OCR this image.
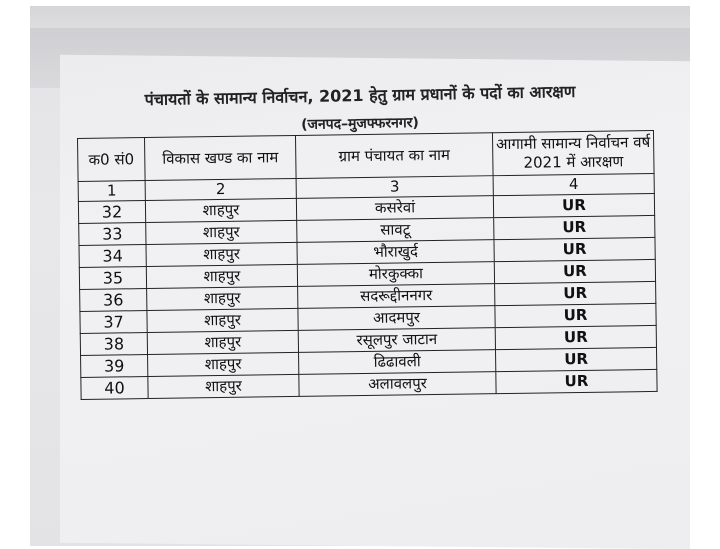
पंचायतों के सामान्य निर्वाचन, 2021 हेतु ग्राम प्रधानों के पदों का आरक्षण
(जनपद–मुजफ्फरनगर)
क0 सं0	विकास खण्ड का नाम	ग्राम पंचायत का नाम	आगामी सामान्य निर्वाचन वर्ष 2021 में आरक्षण
1	2	3	4
32	शाहपुर	कसरेवां	UR
33	शाहपुर	सावटू	UR
34	शाहपुर	भौराखुर्द	UR
35	शाहपुर	मोरकुक्का	UR
36	शाहपुर	सदरूद्दीननगर	UR
37	शाहपुर	आदमपुर	UR
38	शाहपुर	रसूलपुर जाटान	UR
39	शाहपुर	ढिढावली	UR
40	शाहपुर	अलावलपुर	UR
